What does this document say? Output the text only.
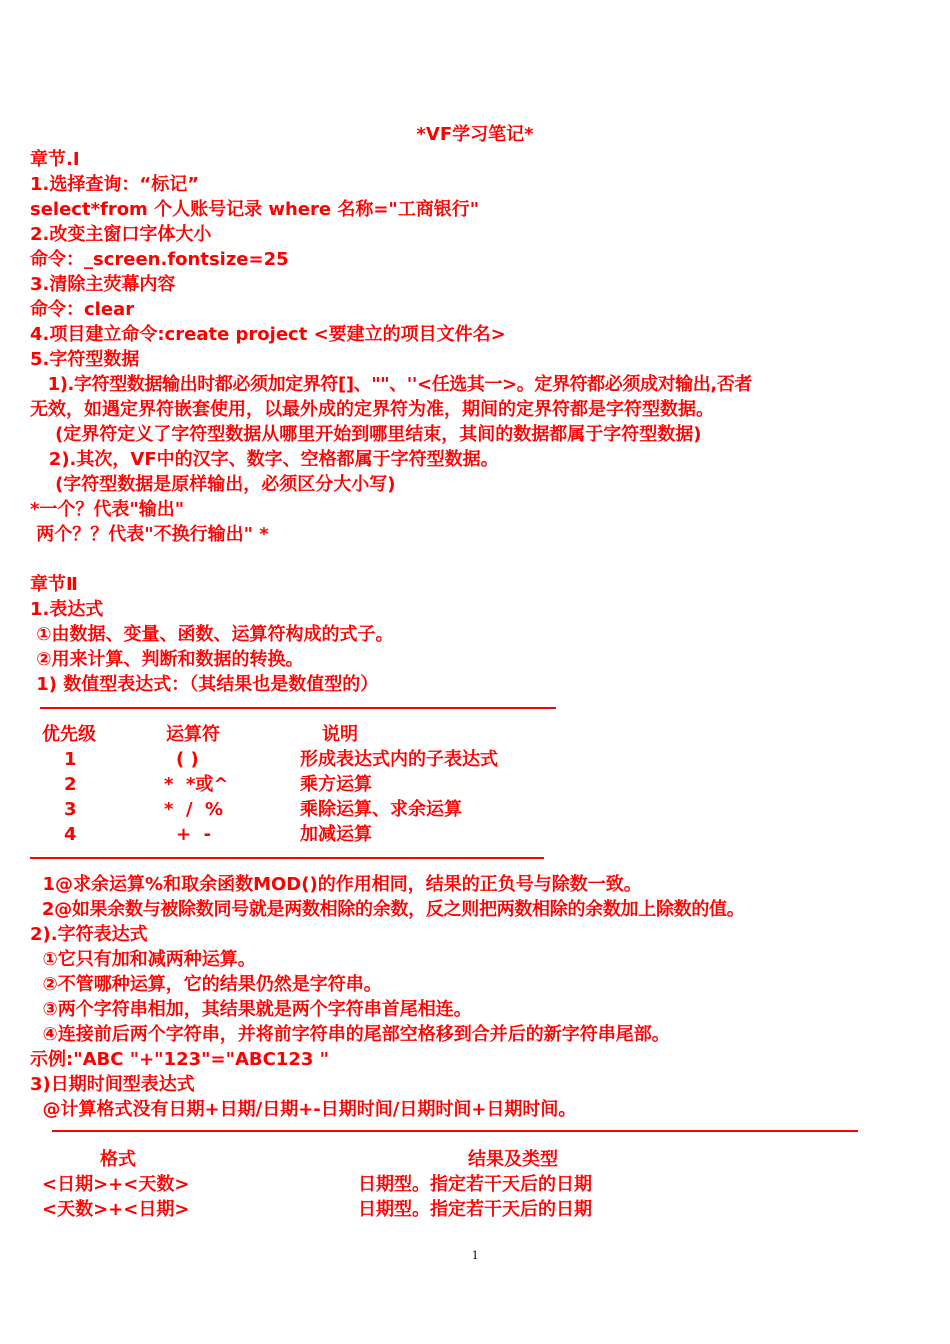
*VF学习笔记*
章节.Ⅰ
1.选择查询：“标记”
select*from 个人账号记录 where 名称="工商银行"
2.改变主窗口字体大小
命令：_screen.fontsize=25
3.清除主荧幕内容
命令：clear
4.项目建立命令:create project <要建立的项目文件名>
5.字符型数据
1).字符型数据输出时都必须加定界符[]、""、''<任选其一>。定界符都必须成对输出,否者
无效，如遇定界符嵌套使用，以最外成的定界符为准，期间的定界符都是字符型数据。
(定界符定义了字符型数据从哪里开始到哪里结束，其间的数据都属于字符型数据)
2).其次，VF中的汉字、数字、空格都属于字符型数据。
(字符型数据是原样输出，必须区分大小写)
*一个？代表"输出"
两个？？代表"不换行输出" *
章节Ⅱ
1.表达式
①由数据、变量、函数、运算符构成的式子。
②用来计算、判断和数据的转换。
1) 数值型表达式：（其结果也是数值型的）
优先级	运算符	说明
1	( )	形成表达式内的子表达式
2	*  *或^	乘方运算
3	*  /  %	乘除运算、求余运算
4	+  -	加减运算
1@求余运算%和取余函数MOD()的作用相同，结果的正负号与除数一致。
2@如果余数与被除数同号就是两数相除的余数，反之则把两数相除的余数加上除数的值。
2).字符表达式
①它只有加和减两种运算。
②不管哪种运算，它的结果仍然是字符串。
③两个字符串相加，其结果就是两个字符串首尾相连。
④连接前后两个字符串，并将前字符串的尾部空格移到合并后的新字符串尾部。
示例:"ABC "+"123"="ABC123 "
3)日期时间型表达式
@计算格式没有日期+日期/日期+-日期时间/日期时间+日期时间。
格式	结果及类型
<日期>+<天数>	日期型。指定若干天后的日期
<天数>+<日期>	日期型。指定若干天后的日期
1
